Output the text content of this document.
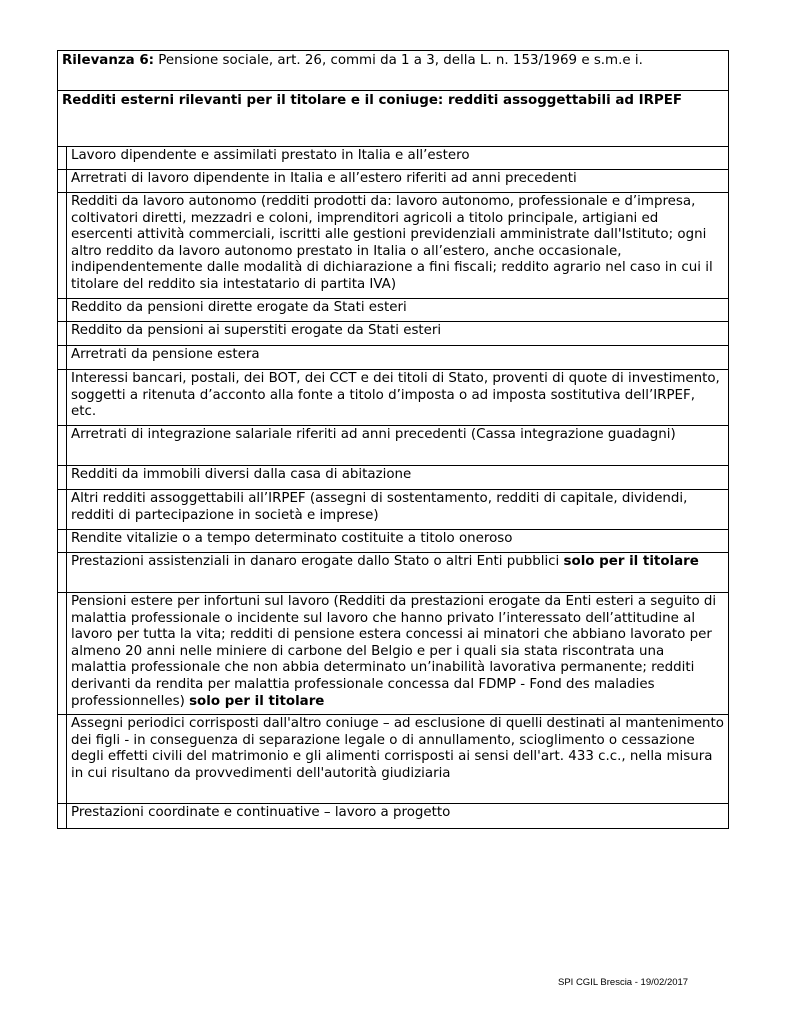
Rilevanza 6: Pensione sociale, art. 26, commi da 1 a 3, della L. n. 153/1969 e s.m.e i.
Redditi esterni rilevanti per il titolare e il coniuge: redditi assoggettabili ad IRPEF
Lavoro dipendente e assimilati prestato in Italia e all’estero
Arretrati di lavoro dipendente in Italia e all’estero riferiti ad anni precedenti
Redditi da lavoro autonomo (redditi prodotti da: lavoro autonomo, professionale e d’impresa, coltivatori diretti, mezzadri e coloni, imprenditori agricoli a titolo principale, artigiani ed esercenti attività commerciali, iscritti alle gestioni previdenziali amministrate dall'Istituto; ogni altro reddito da lavoro autonomo prestato in Italia o all’estero, anche occasionale, indipendentemente dalle modalità di dichiarazione a fini fiscali; reddito agrario nel caso in cui il titolare del reddito sia intestatario di partita IVA)
Reddito da pensioni dirette erogate da Stati esteri
Reddito da pensioni ai superstiti erogate da Stati esteri
Arretrati da pensione estera
Interessi bancari, postali, dei BOT, dei CCT e dei titoli di Stato, proventi di quote di investimento, soggetti a ritenuta d’acconto alla fonte a titolo d’imposta o ad imposta sostitutiva dell’IRPEF, etc.
Arretrati di integrazione salariale riferiti ad anni precedenti (Cassa integrazione guadagni)
Redditi da immobili diversi dalla casa di abitazione
Altri redditi assoggettabili all’IRPEF (assegni di sostentamento, redditi di capitale, dividendi, redditi di partecipazione in società e imprese)
Rendite vitalizie o a tempo determinato costituite a titolo oneroso
Prestazioni assistenziali in danaro erogate dallo Stato o altri Enti pubblici solo per il titolare
Pensioni estere per infortuni sul lavoro (Redditi da prestazioni erogate da Enti esteri a seguito di malattia professionale o incidente sul lavoro che hanno privato l’interessato dell’attitudine al lavoro per tutta la vita; redditi di pensione estera concessi ai minatori che abbiano lavorato per almeno 20 anni nelle miniere di carbone del Belgio e per i quali sia stata riscontrata una malattia professionale che non abbia determinato un’inabilità lavorativa permanente; redditi derivanti da rendita per malattia professionale concessa dal FDMP - Fond des maladies professionnelles) solo per il titolare
Assegni periodici corrisposti dall'altro coniuge – ad esclusione di quelli destinati al mantenimento dei figli - in conseguenza di separazione legale o di annullamento, scioglimento o cessazione degli effetti civili del matrimonio e gli alimenti corrisposti ai sensi dell'art. 433 c.c., nella misura in cui risultano da provvedimenti dell'autorità giudiziaria
Prestazioni coordinate e continuative – lavoro a progetto
SPI CGIL Brescia - 19/02/2017
